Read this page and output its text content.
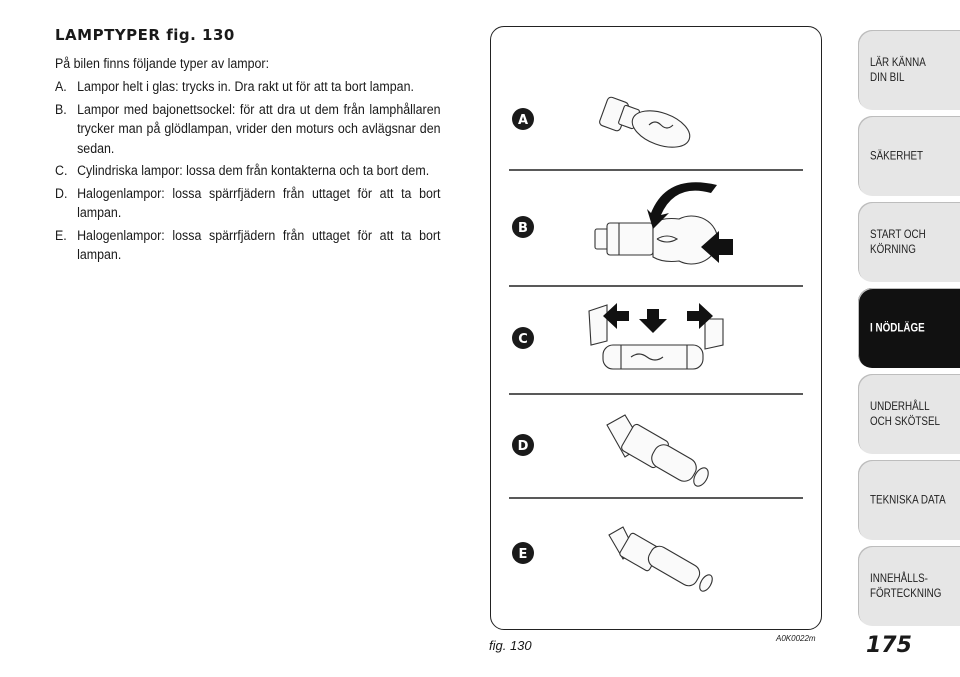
LAMPTYPER fig. 130

På bilen finns följande typer av lampor:

A. Lampor helt i glas: trycks in. Dra rakt ut för att ta bort lampan.
B. Lampor med bajonettsockel: för att dra ut dem från lamphållaren trycker man på glödlampan, vrider den moturs och avlägsnar den sedan.
C. Cylindriska lampor: lossa dem från kontakterna och ta bort dem.
D. Halogenlampor: lossa spärrfjädern från uttaget för att ta bort lampan.
E. Halogenlampor: lossa spärrfjädern från uttaget för att ta bort lampan.
A
B
C
D
E
fig. 130	A0K0022m 175
LÄR KÄNNA
DIN BIL
SÄKERHET
START OCH
KÖRNING
I NÖDLÄGE
UNDERHÅLL
OCH SKÖTSEL
TEKNISKA DATA
INNEHÅLLS-
FÖRTECKNING
